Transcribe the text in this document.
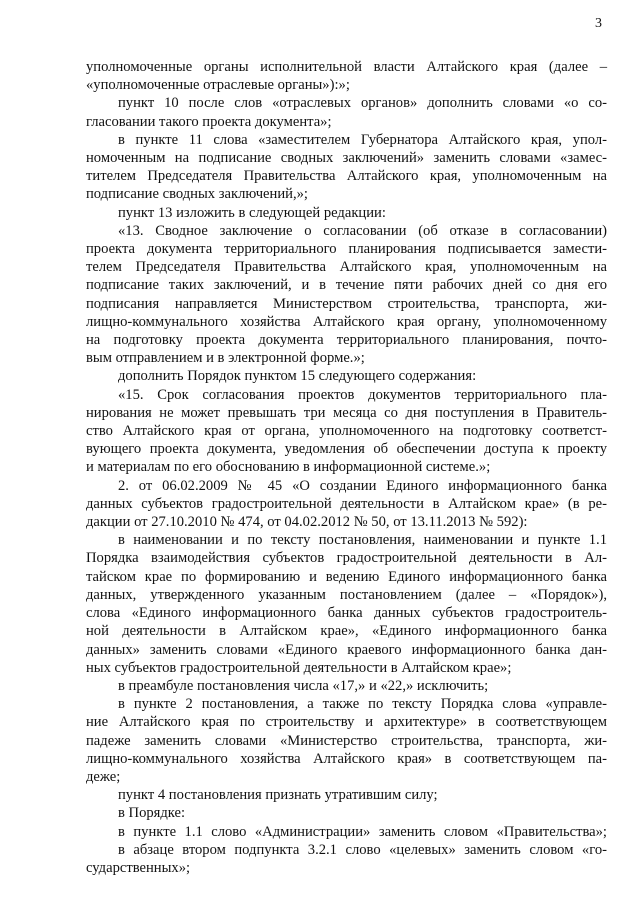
3
уполномоченные органы исполнительной власти Алтайского края (далее –
«уполномоченные отраслевые органы»):»;
пункт 10 после слов «отраслевых органов» дополнить словами «о со-
гласовании такого проекта документа»;
в пункте 11 слова «заместителем Губернатора Алтайского края, упол-
номоченным на подписание сводных заключений» заменить словами «замес-
тителем Председателя Правительства Алтайского края, уполномоченным на
подписание сводных заключений,»;
пункт 13 изложить в следующей редакции:
«13. Сводное заключение о согласовании (об отказе в согласовании)
проекта документа территориального планирования подписывается замести-
телем Председателя Правительства Алтайского края, уполномоченным на
подписание таких заключений, и в течение пяти рабочих дней со дня его
подписания направляется Министерством строительства, транспорта, жи-
лищно-коммунального хозяйства Алтайского края органу, уполномоченному
на подготовку проекта документа территориального планирования, почто-
вым отправлением и в электронной форме.»;
дополнить Порядок пунктом 15 следующего содержания:
«15. Срок согласования проектов документов территориального пла-
нирования не может превышать три месяца со дня поступления в Правитель-
ство Алтайского края от органа, уполномоченного на подготовку соответст-
вующего проекта документа, уведомления об обеспечении доступа к проекту
и материалам по его обоснованию в информационной системе.»;
2. от 06.02.2009 № 45 «О создании Единого информационного банка
данных субъектов градостроительной деятельности в Алтайском крае» (в ре-
дакции от 27.10.2010 № 474, от 04.02.2012 № 50, от 13.11.2013 № 592):
в наименовании и по тексту постановления, наименовании и пункте 1.1
Порядка взаимодействия субъектов градостроительной деятельности в Ал-
тайском крае по формированию и ведению Единого информационного банка
данных, утвержденного указанным постановлением (далее – «Порядок»),
слова «Единого информационного банка данных субъектов градостроитель-
ной деятельности в Алтайском крае», «Единого информационного банка
данных» заменить словами «Единого краевого информационного банка дан-
ных субъектов градостроительной деятельности в Алтайском крае»;
в преамбуле постановления числа «17,» и «22,» исключить;
в пункте 2 постановления, а также по тексту Порядка слова «управле-
ние Алтайского края по строительству и архитектуре» в соответствующем
падеже заменить словами «Министерство строительства, транспорта, жи-
лищно-коммунального хозяйства Алтайского края» в соответствующем па-
деже;
пункт 4 постановления признать утратившим силу;
в Порядке:
в пункте 1.1 слово «Администрации» заменить словом «Правительства»;
в абзаце втором подпункта 3.2.1 слово «целевых» заменить словом «го-
сударственных»;
